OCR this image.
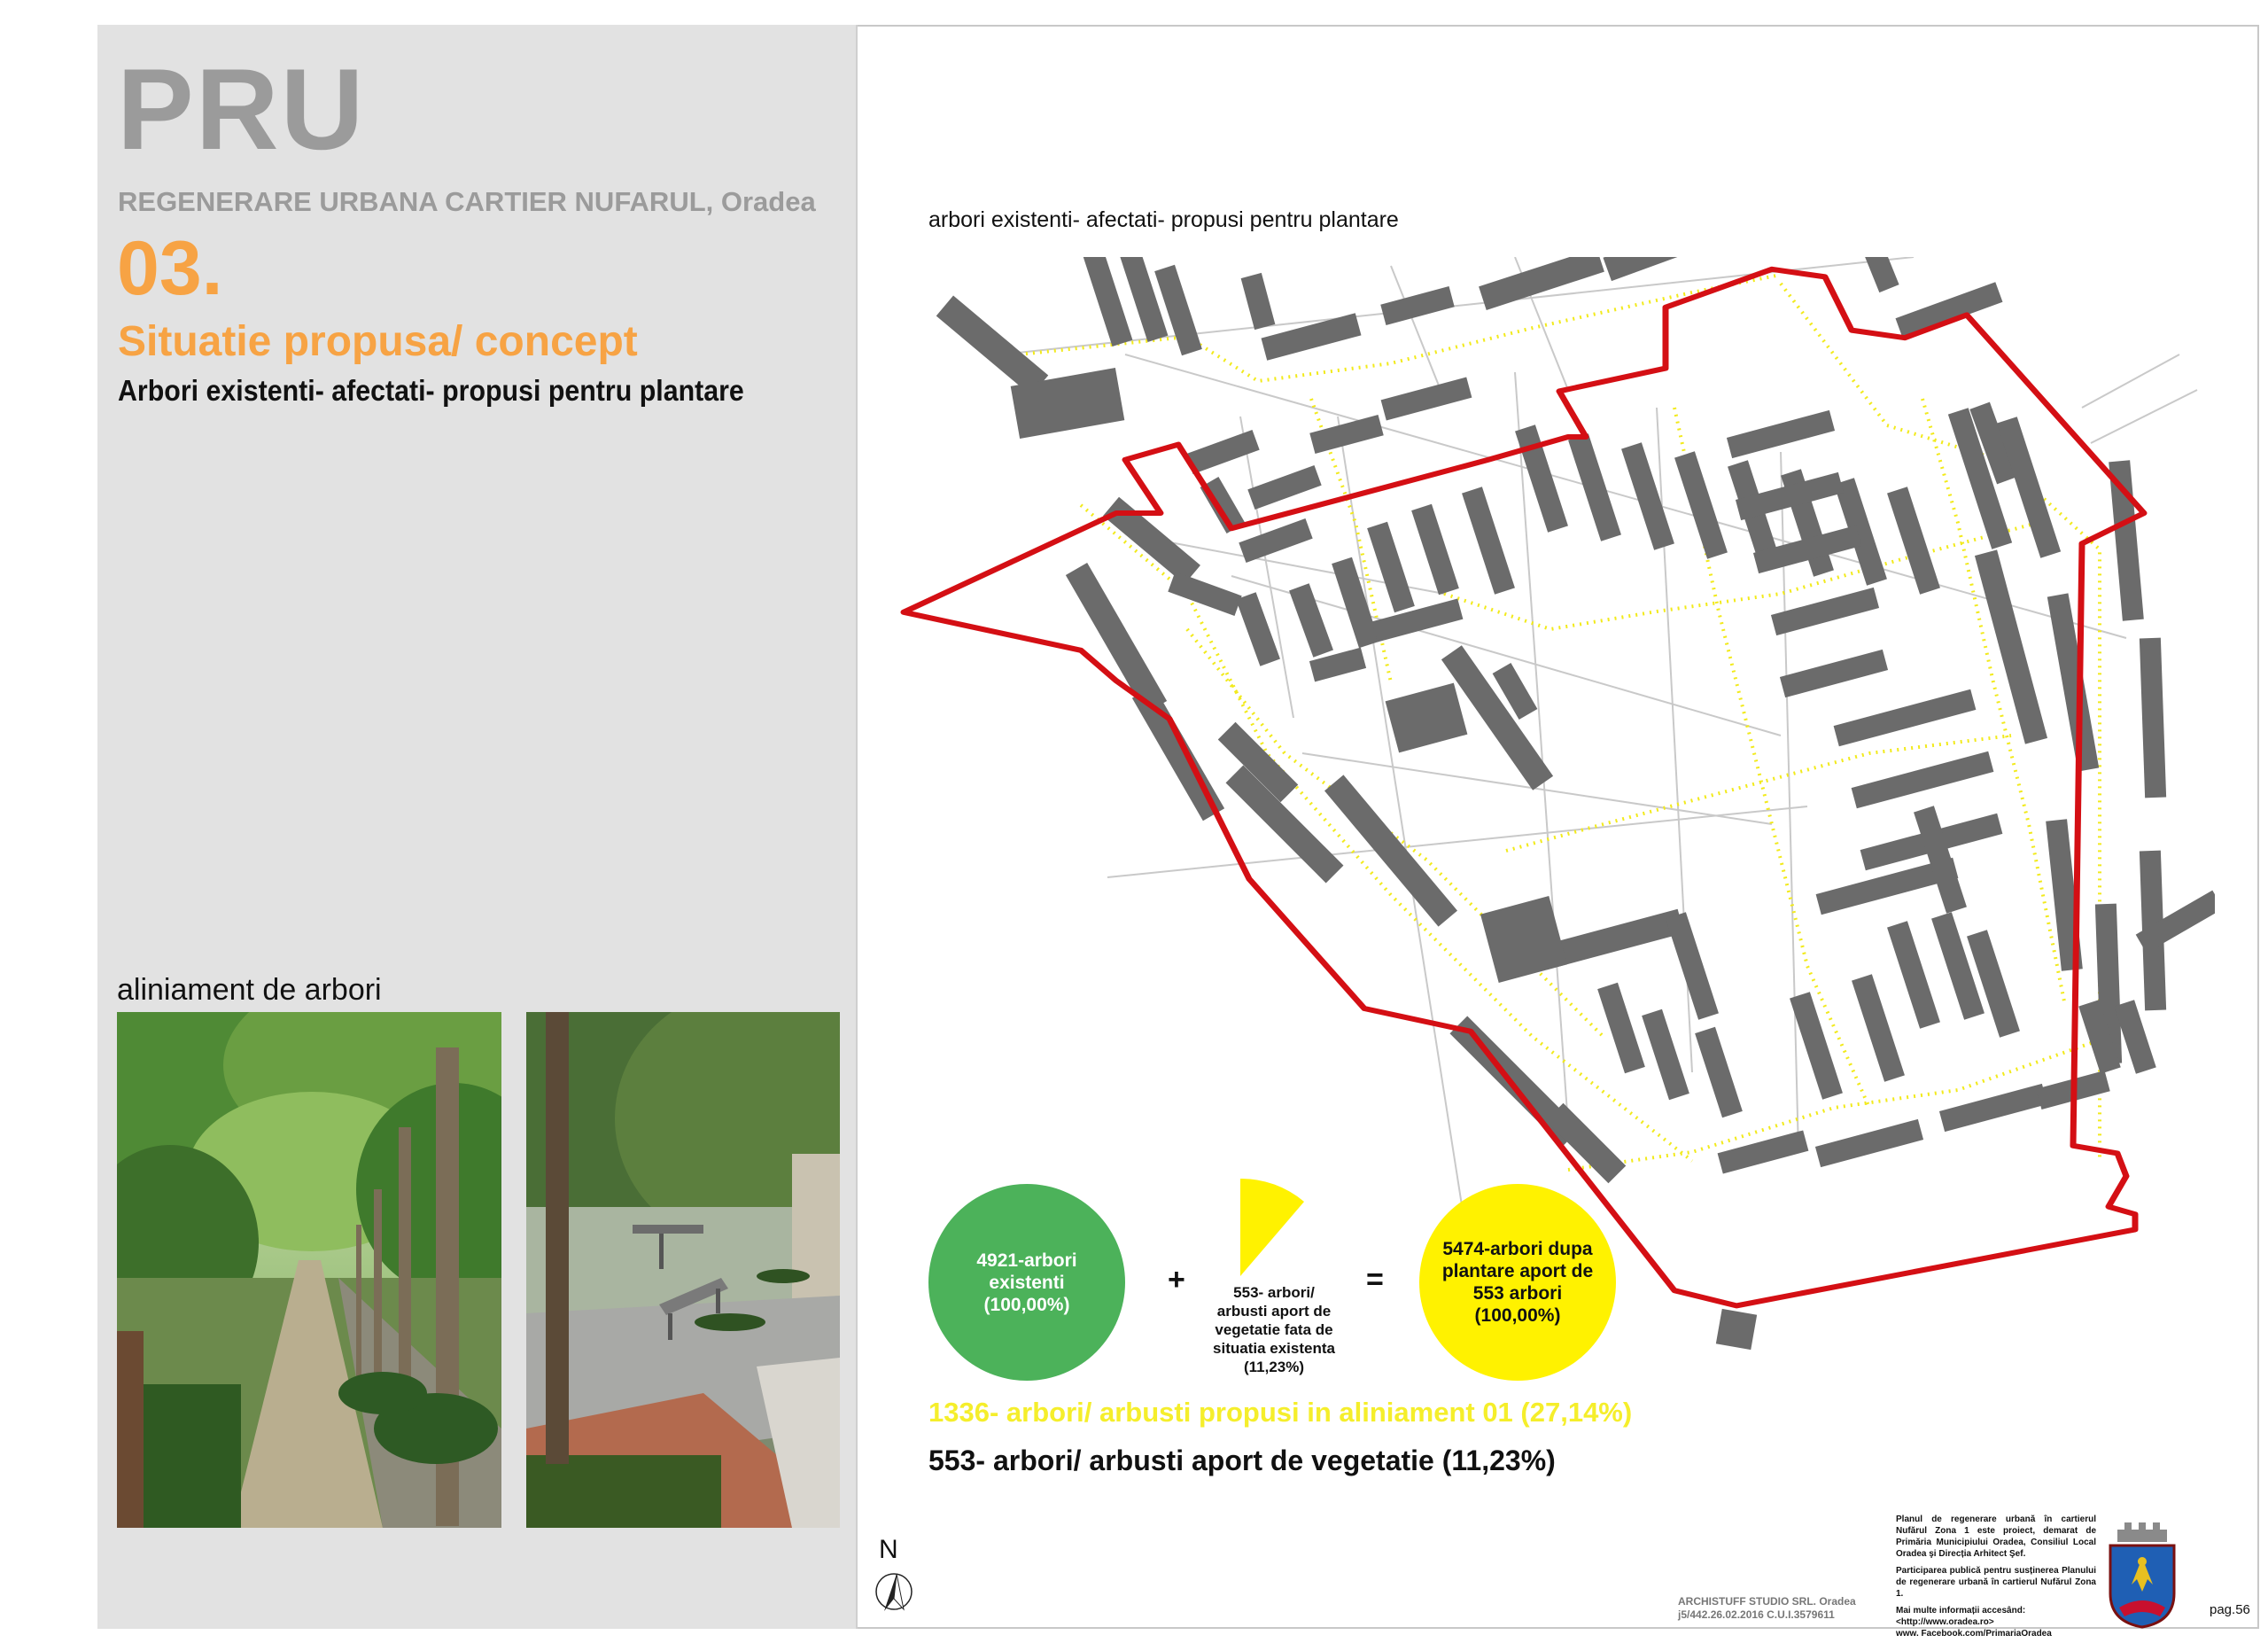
PRU
REGENERARE URBANA CARTIER NUFARUL, Oradea
03.
Situatie propusa/ concept
Arbori existenti- afectati- propusi pentru plantare
aliniament de arbori
arbori existenti- afectati- propusi pentru plantare
4921-arbori
existenti
(100,00%)
+	553- arbori/
arbusti aport de
vegetatie fata de
situatia existenta
(11,23%)
=
5474-arbori dupa
plantare aport de
553 arbori
(100,00%)
1336- arbori/ arbusti propusi in aliniament 01 (27,14%)
553- arbori/ arbusti aport de vegetatie (11,23%)
N
ARCHISTUFF STUDIO SRL. Oradea
j5/442.26.02.2016 C.U.I.3579611

Planul de regenerare urbană în cartierul Nufărul Zona 1 este proiect, demarat de Primăria Municipiului Oradea, Consiliul Local Oradea şi Direcția Arhitect Şef.

Participarea publică pentru susținerea Planului de regenerare urbană în cartierul Nufărul Zona 1.

Mai multe informații accesând:
<http://www.oradea.ro>
www. Facebook.com/PrimariaOradea
pag.56
